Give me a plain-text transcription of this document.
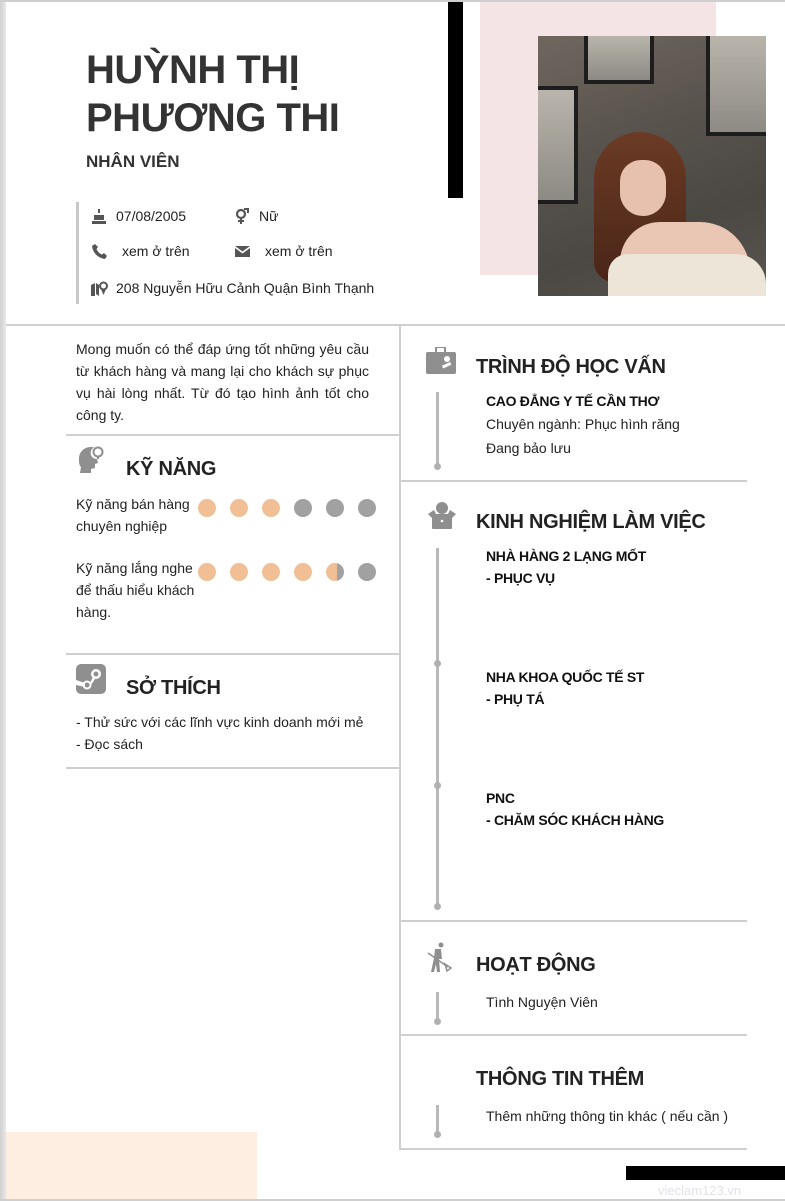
HUỲNH THỊ
PHƯƠNG THI
NHÂN VIÊN
07/08/2005	Nữ
xem ở trên	xem ở trên
208 Nguyễn Hữu Cảnh Quận Bình Thạnh
Mong muốn có thể đáp ứng tốt những yêu cầu từ khách hàng và mang lại cho khách sự phục vụ hài lòng nhất. Từ đó tạo hình ảnh tốt cho công ty.
KỸ NĂNG
Kỹ năng bán hàng chuyên nghiệp
Kỹ năng lắng nghe để thấu hiểu khách hàng.
SỞ THÍCH
- Thử sức với các lĩnh vực kinh doanh mới mẻ
- Đọc sách
TRÌNH ĐỘ HỌC VẤN
CAO ĐẲNG Y TẾ CẦN THƠ
Chuyên ngành: Phục hình răng
Đang bảo lưu
KINH NGHIỆM LÀM VIỆC
NHÀ HÀNG 2 LẠNG MỐT
- PHỤC VỤ
NHA KHOA QUỐC TẾ ST
- PHỤ TÁ
PNC
- CHĂM SÓC KHÁCH HÀNG
HOẠT ĐỘNG
Tình Nguyện Viên
THÔNG TIN THÊM
Thêm những thông tin khác ( nếu cần )
vieclam123.vn
